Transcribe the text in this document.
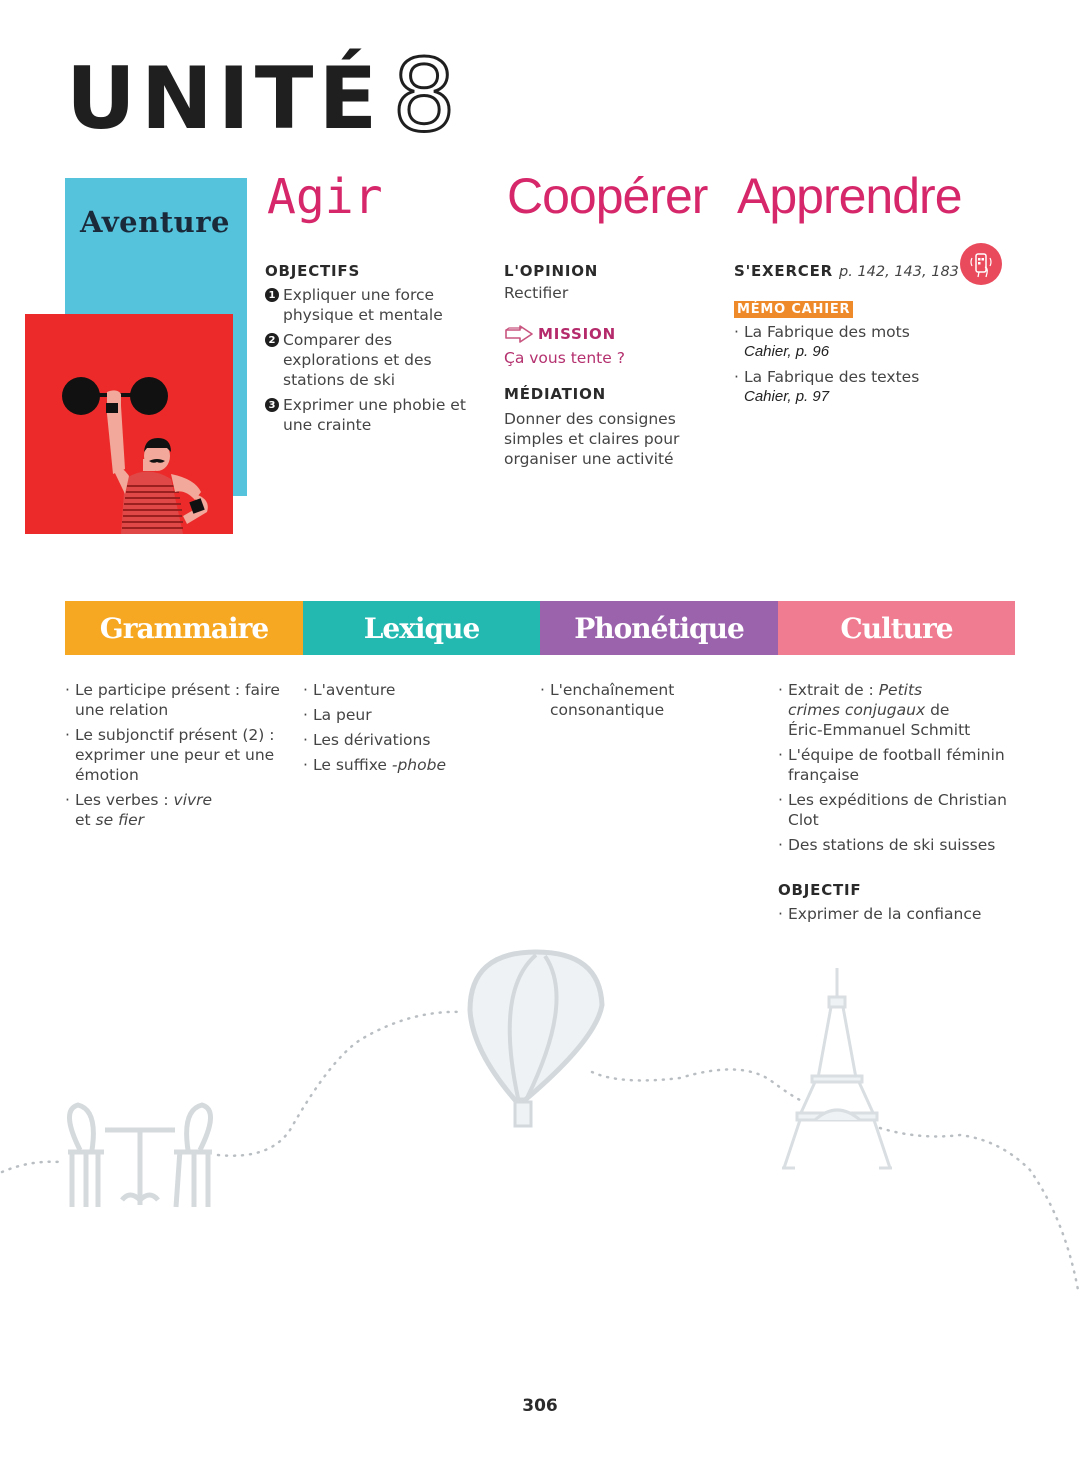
UNITÉ 8
Aventure Agir Coopérer Apprendre
OBJECTIFS
1 Expliquer une force physique et mentale
2 Comparer des explorations et des stations de ski
3 Exprimer une phobie et une crainte
L'OPINION
Rectifier
MISSION
Ça vous tente ?
MÉDIATION
Donner des consignes simples et claires pour organiser une activité
S'EXERCER p. 142, 143, 183
MÉMO CAHIER
· La Fabrique des mots
Cahier, p. 96
· La Fabrique des textes
Cahier, p. 97
Grammaire	Lexique	Phonétique	Culture
· Le participe présent : faire une relation
· Le subjonctif présent (2) : exprimer une peur et une émotion
· Les verbes : vivre et se fier
· L'aventure
· La peur
· Les dérivations
· Le suffixe -phobe
· L'enchaînement consonantique
· Extrait de : Petits crimes conjugaux de Éric-Emmanuel Schmitt
· L'équipe de football féminin française
· Les expéditions de Christian Clot
· Des stations de ski suisses
OBJECTIF
· Exprimer de la confiance
306
